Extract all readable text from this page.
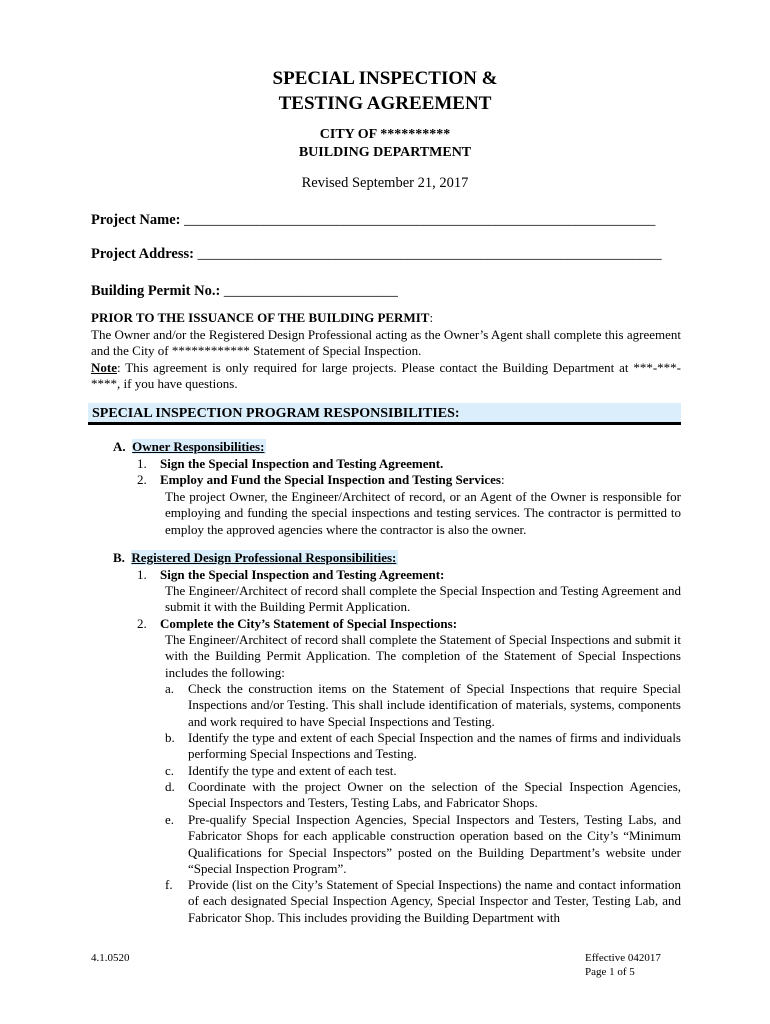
SPECIAL INSPECTION &
TESTING AGREEMENT
CITY OF **********
BUILDING DEPARTMENT
Revised September 21, 2017
Project Name: _________________________________________________________________
Project Address: ________________________________________________________________
Building Permit No.: ________________________
PRIOR TO THE ISSUANCE OF THE BUILDING PERMIT:
The Owner and/or the Registered Design Professional acting as the Owner’s Agent shall complete this agreement and the City of ************ Statement of Special Inspection.
Note: This agreement is only required for large projects. Please contact the Building Department at ***-***-****, if you have questions.
SPECIAL INSPECTION PROGRAM RESPONSIBILITIES:
A. Owner Responsibilities:
1. Sign the Special Inspection and Testing Agreement.
2. Employ and Fund the Special Inspection and Testing Services:
The project Owner, the Engineer/Architect of record, or an Agent of the Owner is responsible for employing and funding the special inspections and testing services. The contractor is permitted to employ the approved agencies where the contractor is also the owner.
B. Registered Design Professional Responsibilities:
1. Sign the Special Inspection and Testing Agreement:
The Engineer/Architect of record shall complete the Special Inspection and Testing Agreement and submit it with the Building Permit Application.
2. Complete the City’s Statement of Special Inspections:
The Engineer/Architect of record shall complete the Statement of Special Inspections and submit it with the Building Permit Application. The completion of the Statement of Special Inspections includes the following:
a. Check the construction items on the Statement of Special Inspections that require Special Inspections and/or Testing. This shall include identification of materials, systems, components and work required to have Special Inspections and Testing.
b. Identify the type and extent of each Special Inspection and the names of firms and individuals performing Special Inspections and Testing.
c. Identify the type and extent of each test.
d. Coordinate with the project Owner on the selection of the Special Inspection Agencies, Special Inspectors and Testers, Testing Labs, and Fabricator Shops.
e. Pre-qualify Special Inspection Agencies, Special Inspectors and Testers, Testing Labs, and Fabricator Shops for each applicable construction operation based on the City’s “Minimum Qualifications for Special Inspectors” posted on the Building Department’s website under “Special Inspection Program”.
f. Provide (list on the City’s Statement of Special Inspections) the name and contact information of each designated Special Inspection Agency, Special Inspector and Tester, Testing Lab, and Fabricator Shop. This includes providing the Building Department with
4.1.0520	Effective 042017
Page 1 of 5
